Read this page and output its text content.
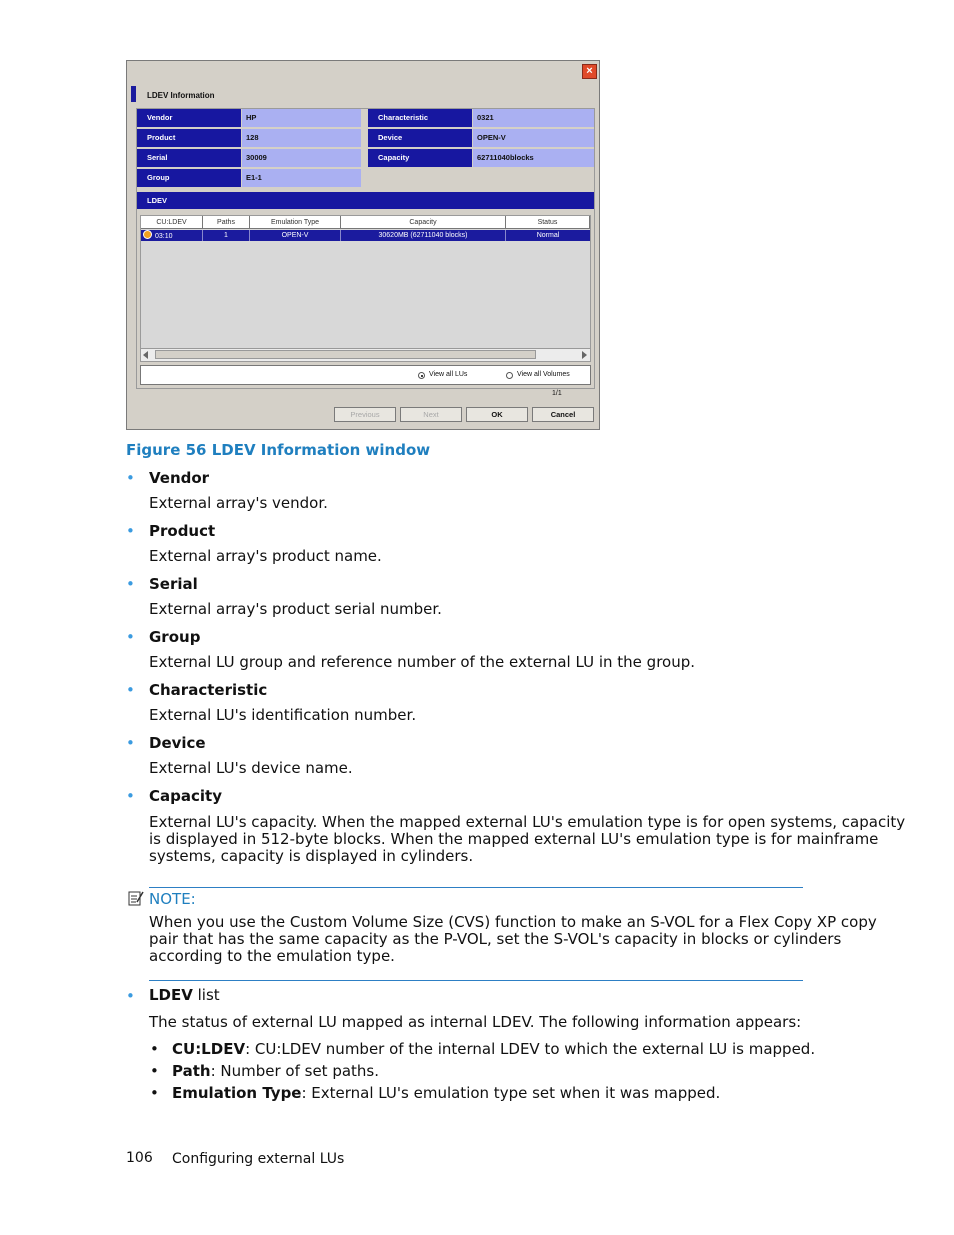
×
LDEV Information
Vendor	HP
Product	128
Serial	30009
Group	E1-1
Characteristic	0321
Device	OPEN-V
Capacity	62711040blocks
LDEV
CU:LDEV	Paths	Emulation Type	Capacity	Status
03:10	1	OPEN-V	30620MB (62711040 blocks)	Normal
View all LUs	View all Volumes
1/1
Previous	Next	OK	Cancel
Figure 56 LDEV Information window
• Vendor
External array's vendor.
• Product
External array's product name.
• Serial
External array's product serial number.
• Group
External LU group and reference number of the external LU in the group.
• Characteristic
External LU's identification number.
• Device
External LU's device name.
• Capacity
External LU's capacity. When the mapped external LU's emulation type is for open systems, capacity
is displayed in 512-byte blocks. When the mapped external LU's emulation type is for mainframe
systems, capacity is displayed in cylinders.
NOTE:
When you use the Custom Volume Size (CVS) function to make an S-VOL for a Flex Copy XP copy
pair that has the same capacity as the P-VOL, set the S-VOL's capacity in blocks or cylinders
according to the emulation type.
• LDEV list
The status of external LU mapped as internal LDEV. The following information appears:
• CU:LDEV: CU:LDEV number of the internal LDEV to which the external LU is mapped.
• Path: Number of set paths.
• Emulation Type: External LU's emulation type set when it was mapped.
106 Configuring external LUs
